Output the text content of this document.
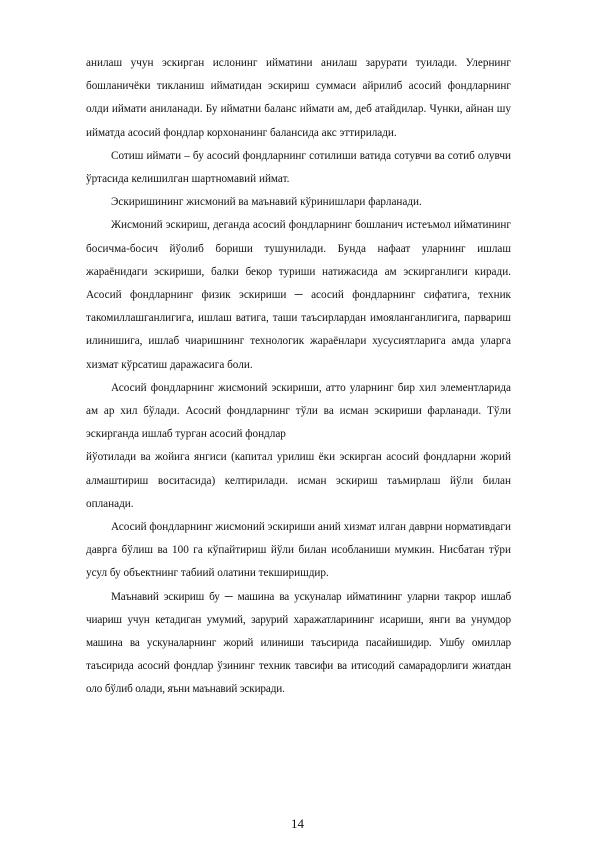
анилаш учун эскирган ислонинг ийматини анилаш зарурати туилади. Улернинг бошланичёки тикланиш ийматидан эскириш суммаси айрилиб асосий фондларнинг олди иймати аниланади. Бу ийматни баланс иймати ам, деб атайдилар. Чунки, айнан шу ийматда асосий фондлар корхонанинг балансида акс эттирилади.

Сотиш иймати – бу асосий фондларнинг сотилиши ватида сотувчи ва сотиб олувчи ўртасида келишилган шартномавий иймат.

Эскиришининг жисмоний ва маънавий кўринишлари фарланади.

Жисмоний эскириш, деганда асосий фондларнинг бошланич истеъмол ийматининг босичма-босич йўолиб бориши тушунилади. Бунда нафаат уларнинг ишлаш жараёнидаги эскириши, балки бекор туриши натижасида ам эскирганлиги киради. Асосий фондларнинг физик эскириши ─ асосий фондларнинг сифатига, техник такомиллашганлигига, ишлаш ватига, таши таъсирлардан имояланганлигига, парвариш илинишига, ишлаб чиаришнинг технологик жараёнлари хусусиятларига амда уларга хизмат кўрсатиш даражасига боли.

Асосий фондларнинг жисмоний эскириши, атто уларнинг бир хил элементларида ам ар хил бўлади. Асосий фондларнинг тўли ва исман эскириши фарланади. Тўли эскирганда ишлаб турган асосий фондлар

йўотилади ва жойига янгиси (капитал урилиш ёки эскирган асосий фондларни жорий алмаштириш воситасида) келтирилади. исман эскириш таъмирлаш йўли билан опланади.

Асосий фондларнинг жисмоний эскириши аний хизмат илган даврни нормативдаги даврга бўлиш ва 100 га кўпайтириш йўли билан исобланиши мумкин. Нисбатан тўри усул бу объектнинг табиий олатини текширишдир.

Маънавий эскириш бу ─ машина ва ускуналар ийматининг уларни такрор ишлаб чиариш учун кетадиган умумий, зарурий харажатларининг исариши, янги ва унумдор машина ва ускуналарнинг жорий илиниши таъсирида пасайишидир. Ушбу омиллар таъсирида асосий фондлар ўзининг техник тавсифи ва итисодий самарадорлиги жиатдан оло бўлиб олади, яъни маънавий эскиради.

14
